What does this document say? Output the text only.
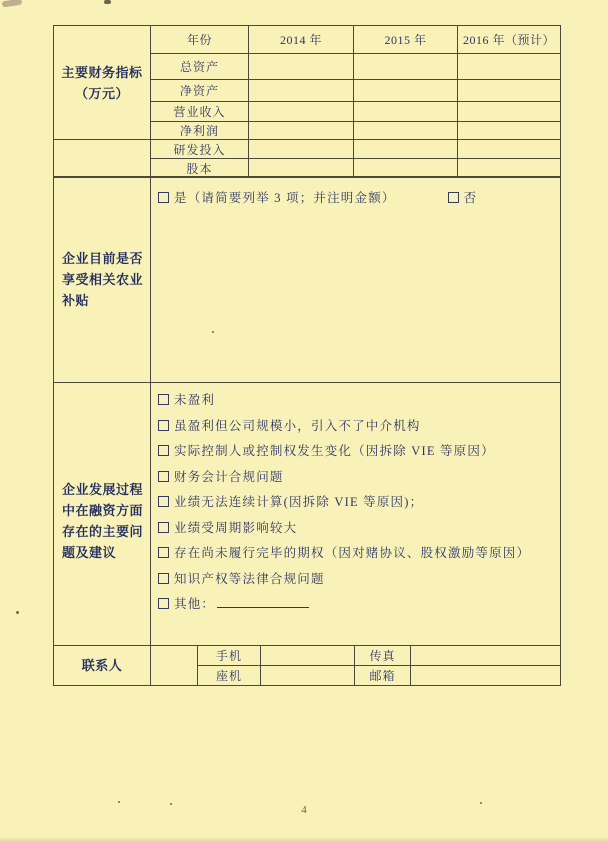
主要财务指标（万元）	年份	2014 年	2015 年	2016 年（预计）
	总资产			
	净资产			
	营业收入			
	净利润			
	研发投入			
	股本			
企业目前是否享受相关农业补贴	
是（请简要列举 3 项；并注明金额）	否
企业发展过程中在融资方面存在的主要问题及建议	
未盈利
虽盈利但公司规模小，引入不了中介机构
实际控制人或控制权发生变化（因拆除 VIE 等原因）
财务会计合规问题
业绩无法连续计算(因拆除 VIE 等原因)；
业绩受周期影响较大
存在尚未履行完毕的期权（因对赌协议、股权激励等原因）
知识产权等法律合规问题
其他：
联系人		手机		传真	
		座机		邮箱	
4
